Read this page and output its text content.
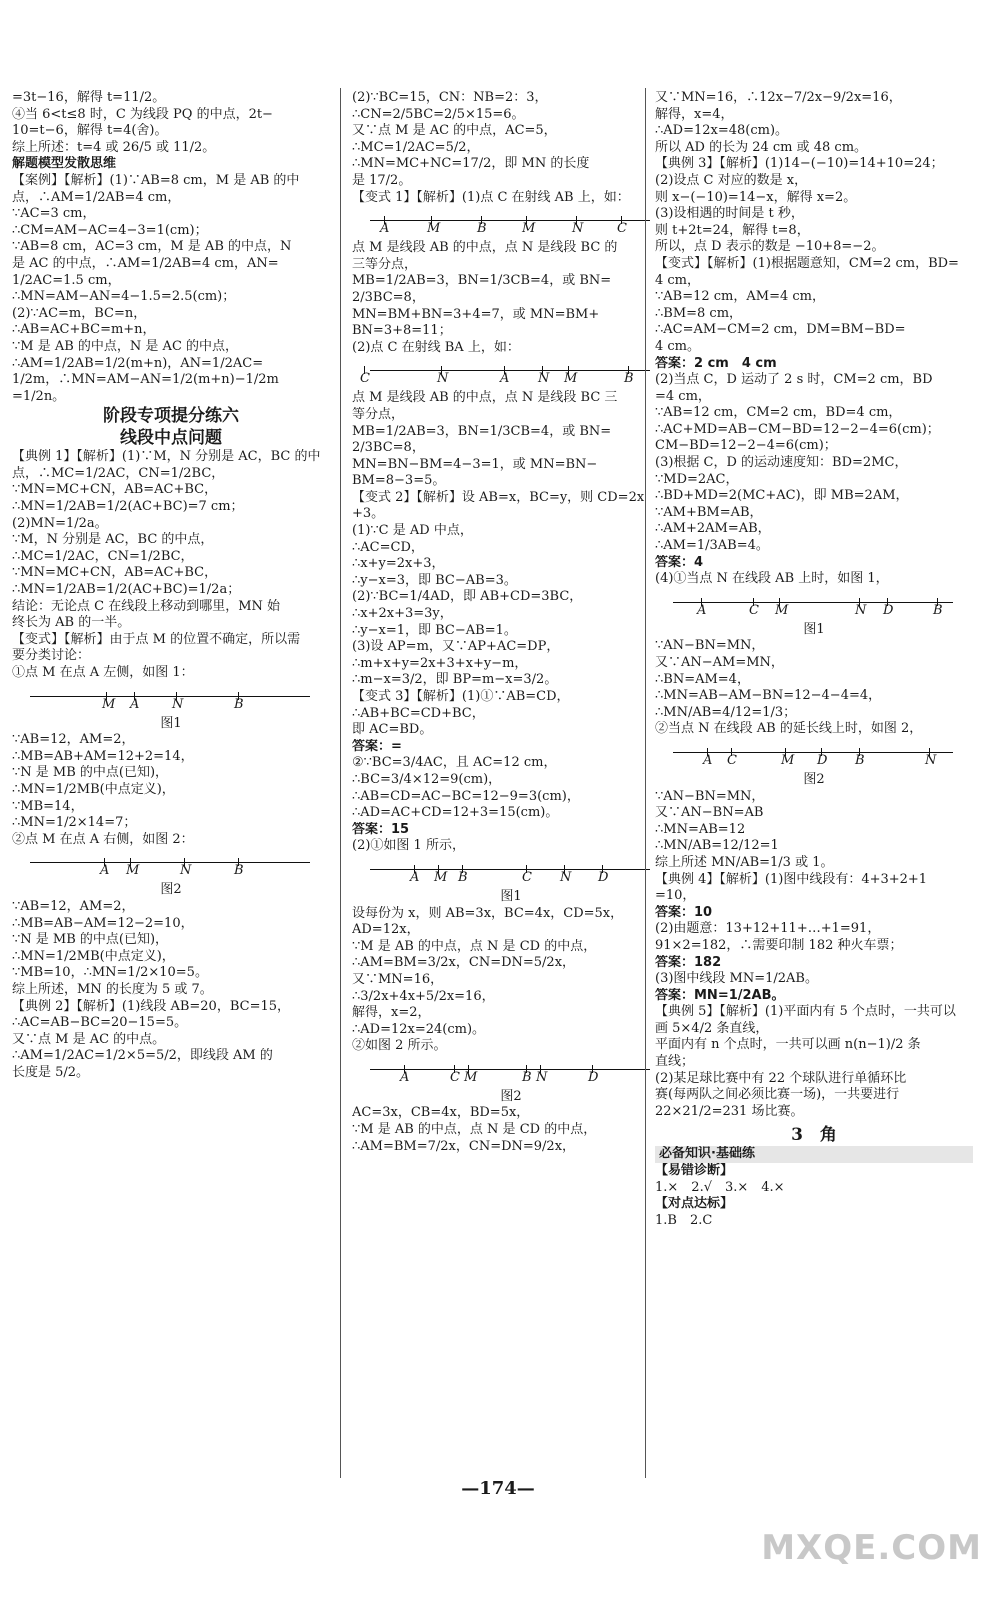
=3t−16，解得 t=11/2。
④当 6<t≤8 时，C 为线段 PQ 的中点，2t−
10=t−6，解得 t=4(舍)。
综上所述：t=4 或 26/5 或 11/2。
解题模型发散思维
【案例】【解析】(1)∵AB=8 cm，M 是 AB 的中
点，∴AM=1/2AB=4 cm，
∵AC=3 cm，
∴CM=AM−AC=4−3=1(cm)；
∵AB=8 cm，AC=3 cm，M 是 AB 的中点，N
是 AC 的中点，∴AM=1/2AB=4 cm，AN=
1/2AC=1.5 cm，
∴MN=AM−AN=4−1.5=2.5(cm)；
(2)∵AC=m，BC=n，
∴AB=AC+BC=m+n，
∵M 是 AB 的中点，N 是 AC 的中点，
∴AM=1/2AB=1/2(m+n)，AN=1/2AC=
1/2m，∴MN=AM−AN=1/2(m+n)−1/2m
=1/2n。
阶段专项提分练六
线段中点问题
【典例 1】【解析】(1)∵M，N 分别是 AC，BC 的中
点，∴MC=1/2AC，CN=1/2BC，
∵MN=MC+CN，AB=AC+BC，
∴MN=1/2AB=1/2(AC+BC)=7 cm；
(2)MN=1/2a。
∵M，N 分别是 AC，BC 的中点，
∴MC=1/2AC，CN=1/2BC，
∵MN=MC+CN，AB=AC+BC，
∴MN=1/2AB=1/2(AC+BC)=1/2a；
结论：无论点 C 在线段上移动到哪里，MN 始
终长为 AB 的一半。
【变式】【解析】由于点 M 的位置不确定，所以需
要分类讨论：
①点 M 在点 A 左侧，如图 1：
M A	N	B
图1
∵AB=12，AM=2，
∴MB=AB+AM=12+2=14，
∵N 是 MB 的中点(已知)，
∴MN=1/2MB(中点定义)，
∵MB=14，
∴MN=1/2×14=7；
②点 M 在点 A 右侧，如图 2：
A M	N	B
图2
∵AB=12，AM=2，
∴MB=AB−AM=12−2=10，
∵N 是 MB 的中点(已知)，
∴MN=1/2MB(中点定义)，
∵MB=10，∴MN=1/2×10=5。
综上所述，MN 的长度为 5 或 7。
【典例 2】【解析】(1)线段 AB=20，BC=15，
∴AC=AB−BC=20−15=5。
又∵点 M 是 AC 的中点。
∴AM=1/2AC=1/2×5=5/2，即线段 AM 的
长度是 5/2。
(2)∵BC=15，CN：NB=2：3，
∴CN=2/5BC=2/5×15=6。
又∵点 M 是 AC 的中点，AC=5，
∴MC=1/2AC=5/2，
∴MN=MC+NC=17/2，即 MN 的长度
是 17/2。
【变式 1】【解析】(1)点 C 在射线 AB 上，如：
A	M	B	M	N	C
点 M 是线段 AB 的中点，点 N 是线段 BC 的
三等分点，
MB=1/2AB=3，BN=1/3CB=4，或 BN=
2/3BC=8，
MN=BM+BN=3+4=7，或 MN=BM+
BN=3+8=11；
(2)点 C 在射线 BA 上，如：
C	N	A N M	B
点 M 是线段 AB 的中点，点 N 是线段 BC 三
等分点，
MB=1/2AB=3，BN=1/3CB=4，或 BN=
2/3BC=8，
MN=BN−BM=4−3=1，或 MN=BN−
BM=8−3=5。
【变式 2】【解析】设 AB=x，BC=y，则 CD=2x
+3。
(1)∵C 是 AD 中点，
∴AC=CD，
∴x+y=2x+3，
∴y−x=3，即 BC−AB=3。
(2)∵BC=1/4AD，即 AB+CD=3BC，
∴x+2x+3=3y，
∴y−x=1，即 BC−AB=1。
(3)设 AP=m，又∵AP+AC=DP，
∴m+x+y=2x+3+x+y−m，
∴m−x=3/2，即 BP=m−x=3/2。
【变式 3】【解析】(1)①∵AB=CD，
∴AB+BC=CD+BC，
即 AC=BD。
答案：=
②∵BC=3/4AC，且 AC=12 cm，
∴BC=3/4×12=9(cm)，
∴AB=CD=AC−BC=12−9=3(cm)，
∴AD=AC+CD=12+3=15(cm)。
答案：15
(2)①如图 1 所示，
A M B	C N D
图1
设每份为 x，则 AB=3x，BC=4x，CD=5x，
AD=12x，
∵M 是 AB 的中点，点 N 是 CD 的中点，
∴AM=BM=3/2x，CN=DN=5/2x，
又∵MN=16，
∴3/2x+4x+5/2x=16，
解得，x=2，
∴AD=12x=24(cm)。
②如图 2 所示。
A	C M	B N	D
图2
AC=3x，CB=4x，BD=5x，
∵M 是 AB 的中点，点 N 是 CD 的中点，
∴AM=BM=7/2x，CN=DN=9/2x，
又∵MN=16，∴12x−7/2x−9/2x=16，
解得，x=4，
∴AD=12x=48(cm)。
所以 AD 的长为 24 cm 或 48 cm。
【典例 3】【解析】(1)14−(−10)=14+10=24；
(2)设点 C 对应的数是 x，
则 x−(−10)=14−x，解得 x=2。
(3)设相遇的时间是 t 秒，
则 t+2t=24，解得 t=8，
所以，点 D 表示的数是 −10+8=−2。
【变式】【解析】(1)根据题意知，CM=2 cm，BD=
4 cm，
∵AB=12 cm，AM=4 cm，
∴BM=8 cm，
∴AC=AM−CM=2 cm，DM=BM−BD=
4 cm。
答案：2 cm　4 cm
(2)当点 C，D 运动了 2 s 时，CM=2 cm，BD
=4 cm，
∵AB=12 cm，CM=2 cm，BD=4 cm，
∴AC+MD=AB−CM−BD=12−2−4=6(cm)；
CM−BD=12−2−4=6(cm)；
(3)根据 C，D 的运动速度知：BD=2MC，
∵MD=2AC，
∴BD+MD=2(MC+AC)，即 MB=2AM，
∵AM+BM=AB，
∴AM+2AM=AB，
∴AM=1/3AB=4。
答案：4
(4)①当点 N 在线段 AB 上时，如图 1，
A	C M	N D	B
图1
∵AN−BN=MN，
又∵AN−AM=MN，
∴BN=AM=4，
∴MN=AB−AM−BN=12−4−4=4，
∴MN/AB=4/12=1/3；
②当点 N 在线段 AB 的延长线上时，如图 2，
A C	M D B	N
图2
∵AN−BN=MN，
又∵AN−BN=AB
∴MN=AB=12
∴MN/AB=12/12=1
综上所述 MN/AB=1/3 或 1。
【典例 4】【解析】(1)图中线段有：4+3+2+1
=10，
答案：10
(2)由题意：13+12+11+…+1=91，
91×2=182，∴需要印制 182 种火车票；
答案：182
(3)图中线段 MN=1/2AB。
答案：MN=1/2AB。
【典例 5】【解析】(1)平面内有 5 个点时，一共可以
画 5×4/2 条直线，
平面内有 n 个点时，一共可以画 n(n−1)/2 条
直线；
(2)某足球比赛中有 22 个球队进行单循环比
赛(每两队之间必须比赛一场)，一共要进行
22×21/2=231 场比赛。
3　角
必备知识·基础练
【易错诊断】
1.×　2.√　3.×　4.×
【对点达标】
1.B　2.C
—174—
MXQE.COM
